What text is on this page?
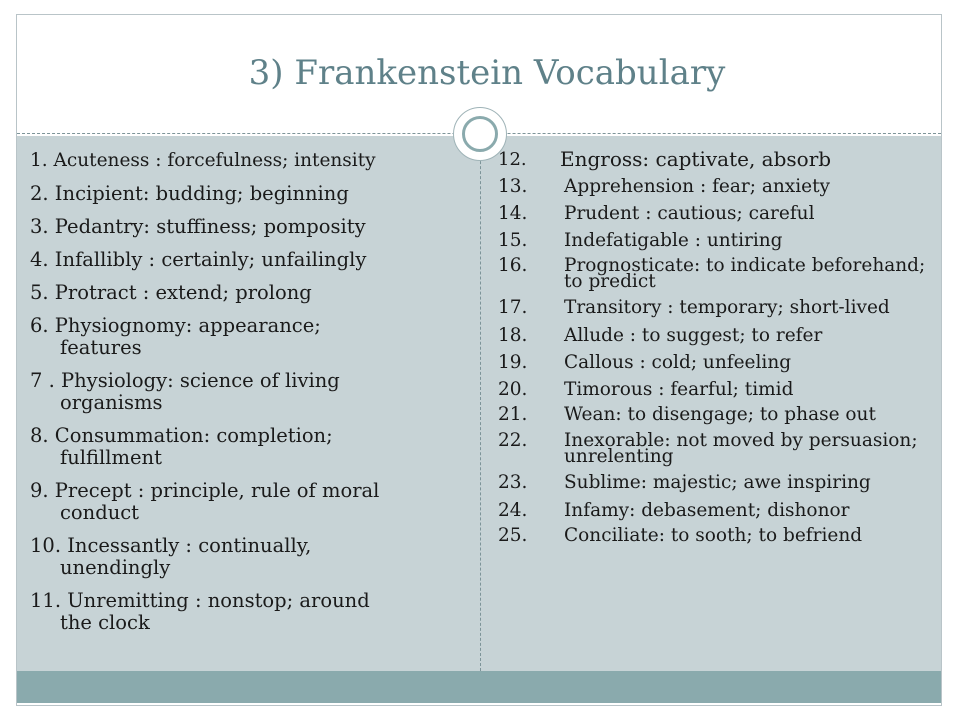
3) Frankenstein Vocabulary
1. Acuteness : forcefulness; intensity
2. Incipient: budding; beginning
3. Pedantry: stuffiness; pomposity
4. Infallibly : certainly; unfailingly
5. Protract : extend; prolong
6. Physiognomy: appearance;
features
7 . Physiology: science of living
organisms
8. Consummation: completion;
fulfillment
9. Precept : principle, rule of moral
conduct
10. Incessantly : continually,
unendingly
11. Unremitting : nonstop; around
the clock
12. Engross: captivate, absorb
13. Apprehension : fear; anxiety
14. Prudent : cautious; careful
15. Indefatigable : untiring
16. Prognosticate: to indicate beforehand; to predict
17. Transitory : temporary; short-lived
18. Allude : to suggest; to refer
19. Callous : cold; unfeeling
20. Timorous : fearful; timid
21. Wean: to disengage; to phase out
22. Inexorable: not moved by persuasion; unrelenting
23. Sublime: majestic; awe inspiring
24. Infamy: debasement; dishonor
25. Conciliate: to sooth; to befriend
